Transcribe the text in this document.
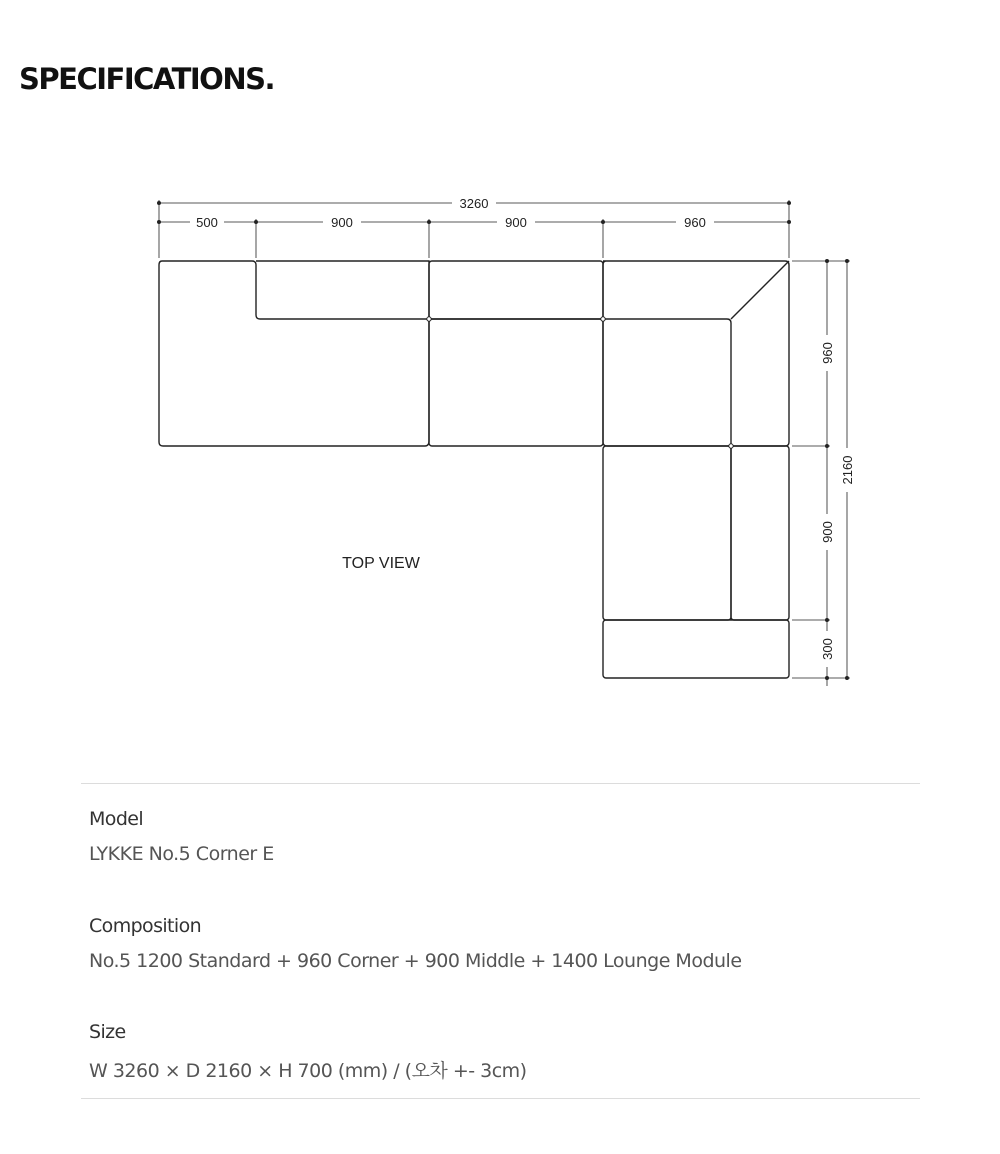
SPECIFICATIONS.
3260
500	900	900	960
960
900
300
2160
TOP VIEW
Model
LYKKE No.5 Corner E
Composition
No.5 1200 Standard + 960 Corner + 900 Middle + 1400 Lounge Module
Size
W 3260 × D 2160 × H 700 (mm) / (오차 +- 3cm)
